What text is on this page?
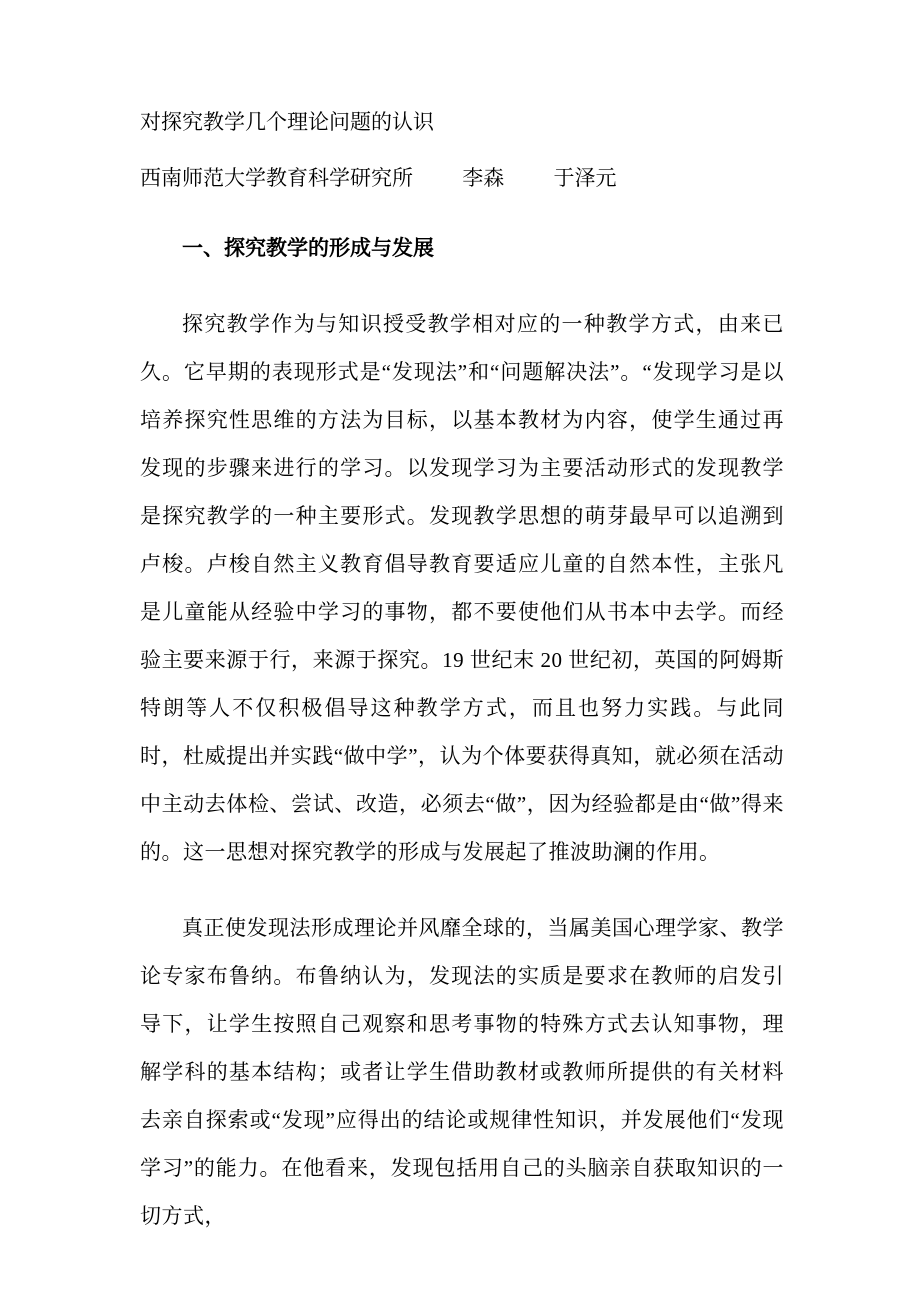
对探究教学几个理论问题的认识

西南师范大学教育科学研究所 李森 于泽元

一、探究教学的形成与发展

探究教学作为与知识授受教学相对应的一种教学方式，由来已久。它早期的表现形式是“发现法”和“问题解决法”。“发现学习是以培养探究性思维的方法为目标，以基本教材为内容，使学生通过再发现的步骤来进行的学习。以发现学习为主要活动形式的发现教学是探究教学的一种主要形式。发现教学思想的萌芽最早可以追溯到卢梭。卢梭自然主义教育倡导教育要适应儿童的自然本性，主张凡是儿童能从经验中学习的事物，都不要使他们从书本中去学。而经验主要来源于行，来源于探究。19 世纪末 20 世纪初，英国的阿姆斯特朗等人不仅积极倡导这种教学方式，而且也努力实践。与此同时，杜威提出并实践“做中学”，认为个体要获得真知，就必须在活动中主动去体检、尝试、改造，必须去“做”，因为经验都是由“做”得来的。这一思想对探究教学的形成与发展起了推波助澜的作用。

真正使发现法形成理论并风靡全球的，当属美国心理学家、教学论专家布鲁纳。布鲁纳认为，发现法的实质是要求在教师的启发引导下，让学生按照自己观察和思考事物的特殊方式去认知事物，理解学科的基本结构；或者让学生借助教材或教师所提供的有关材料去亲自探索或“发现”应得出的结论或规律性知识，并发展他们“发现学习”的能力。在他看来，发现包括用自己的头脑亲自获取知识的一切方式，
